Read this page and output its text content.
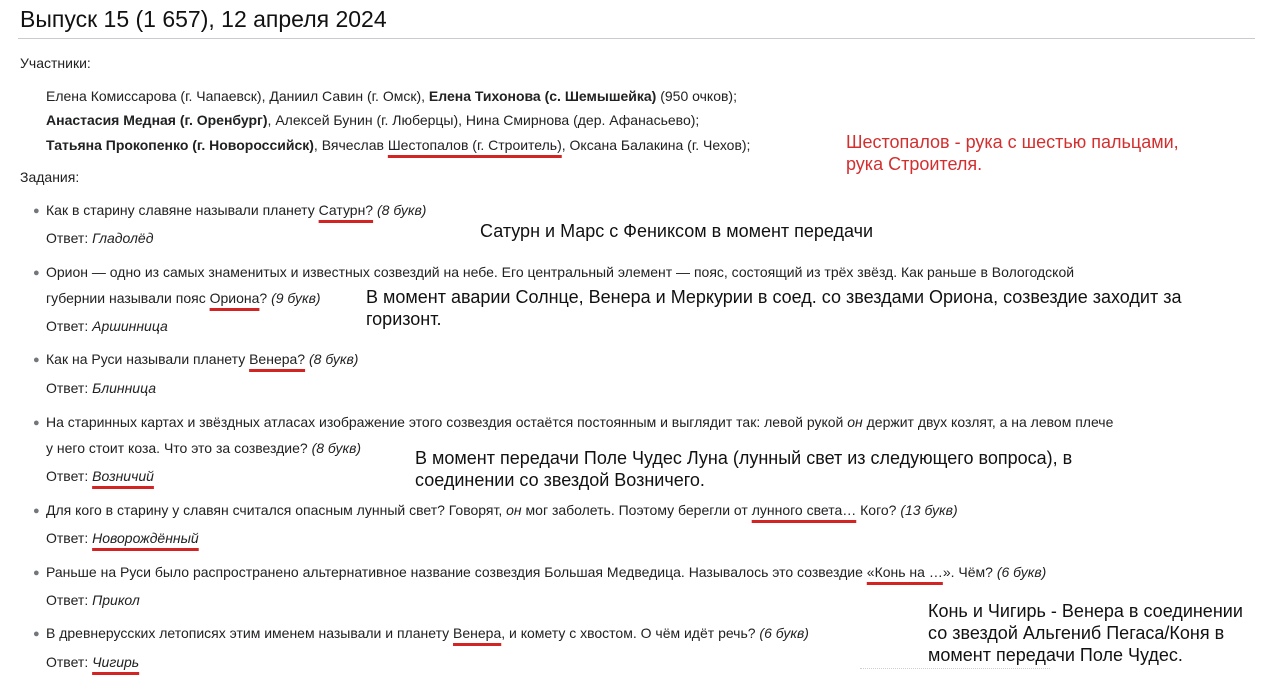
Выпуск 15 (1 657), 12 апреля 2024
Участники:
Елена Комиссарова (г. Чапаевск), Даниил Савин (г. Омск), Елена Тихонова (с. Шемышейка) (950 очков);
Анастасия Медная (г. Оренбург), Алексей Бунин (г. Люберцы), Нина Смирнова (дер. Афанасьево);
Татьяна Прокопенко (г. Новороссийск), Вячеслав Шестопалов (г. Строитель), Оксана Балакина (г. Чехов);
Задания:
● Как в старину славяне называли планету Сатурн? (8 букв)
Ответ: Гладолёд
● Орион — одно из самых знаменитых и известных созвездий на небе. Его центральный элемент — пояс, состоящий из трёх звёзд. Как раньше в Вологодской
губернии называли пояс Ориона? (9 букв)
Ответ: Аршинница
● Как на Руси называли планету Венера? (8 букв)
Ответ: Блинница
● На старинных картах и звёздных атласах изображение этого созвездия остаётся постоянным и выглядит так: левой рукой он держит двух козлят, а на левом плече
у него стоит коза. Что это за созвездие? (8 букв)
Ответ: Возничий
● Для кого в старину у славян считался опасным лунный свет? Говорят, он мог заболеть. Поэтому берегли от лунного света… Кого? (13 букв)
Ответ: Новорождённый
● Раньше на Руси было распространено альтернативное название созвездия Большая Медведица. Называлось это созвездие «Конь на …». Чём? (6 букв)
Ответ: Прикол
● В древнерусских летописях этим именем называли и планету Венера, и комету с хвостом. О чём идёт речь? (6 букв)
Ответ: Чигирь
Шестопалов - рука с шестью пальцами,
рука Строителя.
Сатурн и Марс с Фениксом в момент передачи
В момент аварии Солнце, Венера и Меркурии в соед. со звездами Ориона, созвездие заходит за
горизонт.
В момент передачи Поле Чудес Луна (лунный свет из следующего вопроса), в
соединении со звездой Возничего.
Конь и Чигирь - Венера в соединении
со звездой Альгениб Пегаса/Коня в
момент передачи Поле Чудес.
